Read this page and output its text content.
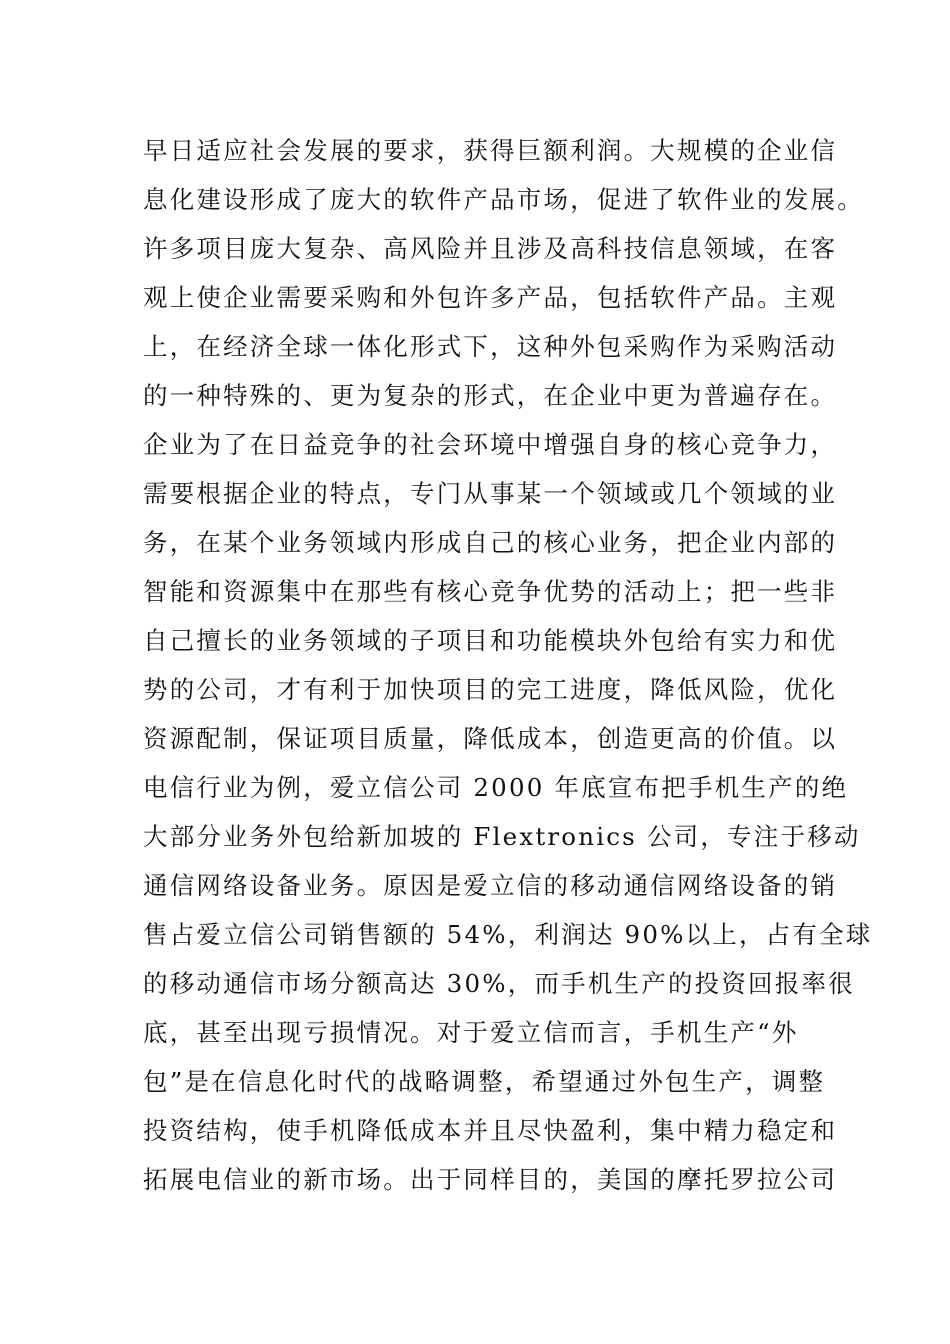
早日适应社会发展的要求，获得巨额利润。大规模的企业信
息化建设形成了庞大的软件产品市场，促进了软件业的发展。
许多项目庞大复杂、高风险并且涉及高科技信息领域，在客
观上使企业需要采购和外包许多产品，包括软件产品。主观
上，在经济全球一体化形式下，这种外包采购作为采购活动
的一种特殊的、更为复杂的形式，在企业中更为普遍存在。
企业为了在日益竞争的社会环境中增强自身的核心竞争力，
需要根据企业的特点，专门从事某一个领域或几个领域的业
务，在某个业务领域内形成自己的核心业务，把企业内部的
智能和资源集中在那些有核心竞争优势的活动上；把一些非
自己擅长的业务领域的子项目和功能模块外包给有实力和优
势的公司，才有利于加快项目的完工进度，降低风险，优化
资源配制，保证项目质量，降低成本，创造更高的价值。以
电信行业为例，爱立信公司 2000 年底宣布把手机生产的绝
大部分业务外包给新加坡的 Flextronics 公司，专注于移动
通信网络设备业务。原因是爱立信的移动通信网络设备的销
售占爱立信公司销售额的 54%，利润达 90%以上，占有全球
的移动通信市场分额高达 30%，而手机生产的投资回报率很
底，甚至出现亏损情况。对于爱立信而言，手机生产“外
包”是在信息化时代的战略调整，希望通过外包生产，调整
投资结构，使手机降低成本并且尽快盈利，集中精力稳定和
拓展电信业的新市场。出于同样目的，美国的摩托罗拉公司
